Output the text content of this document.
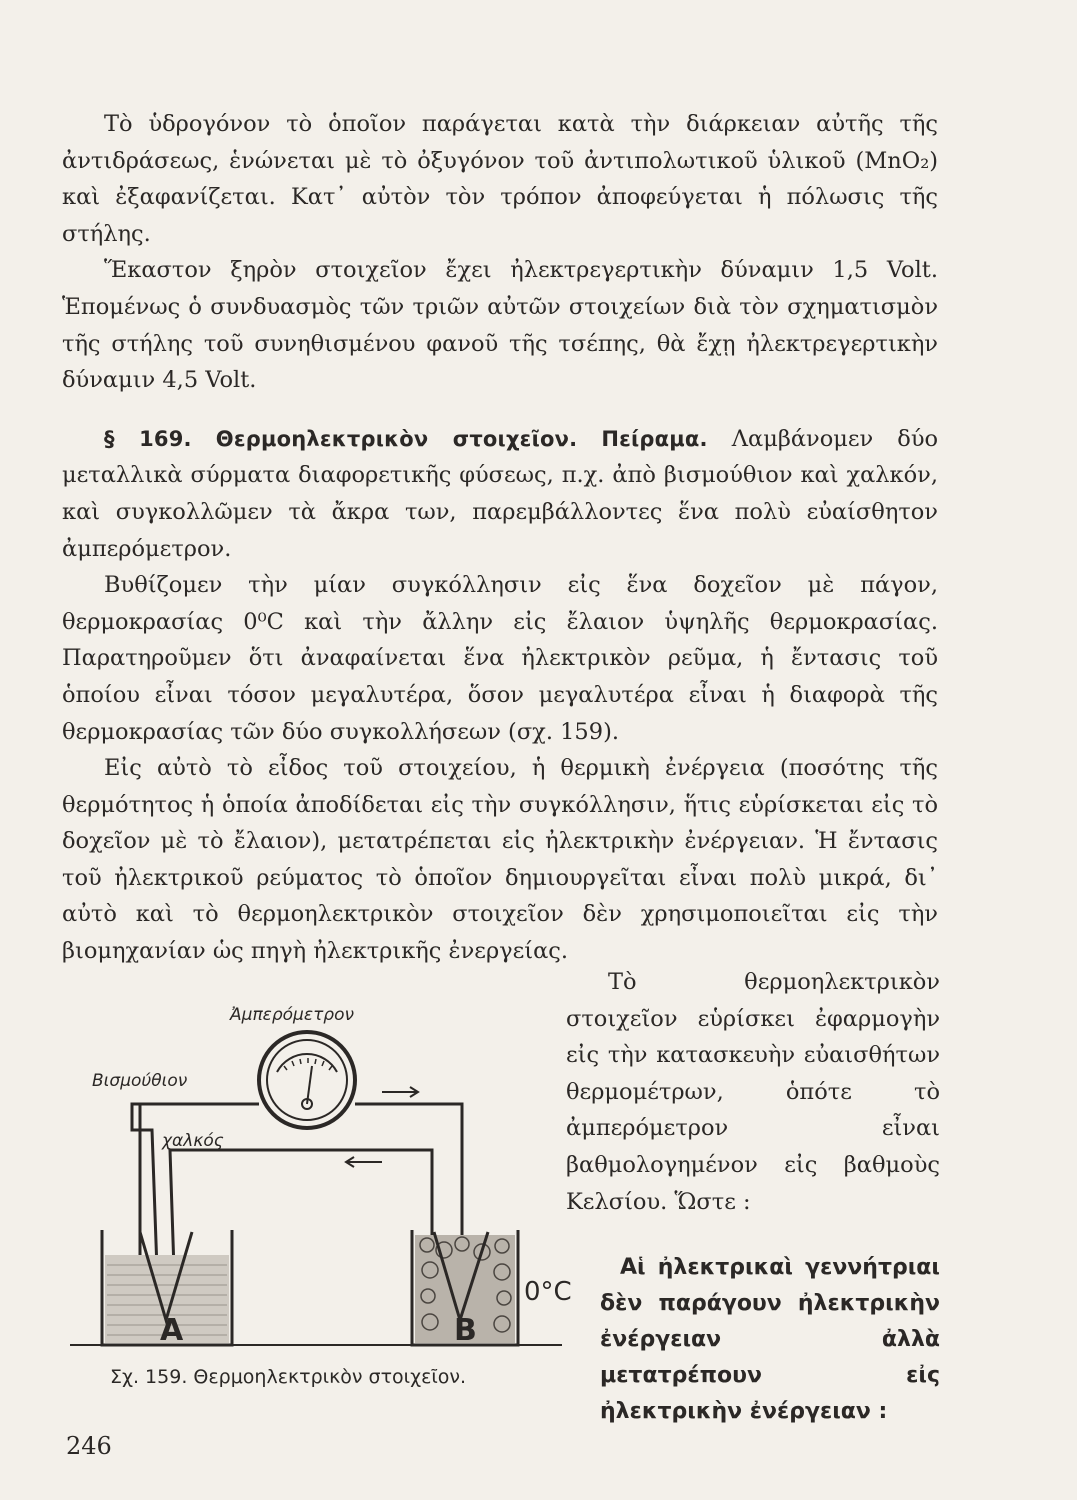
Τὸ ὑδρογόνον τὸ ὁποῖον παράγεται κατὰ τὴν διάρκειαν αὐτῆς τῆς ἀντιδράσεως, ἑνώνεται μὲ τὸ ὀξυγόνον τοῦ ἀντιπολωτικοῦ ὑλικοῦ (MnO₂) καὶ ἐξαφανίζεται. Κατ᾽ αὐτὸν τὸν τρόπον ἀποφεύγεται ἡ πόλωσις τῆς στήλης.

Ἕκαστον ξηρὸν στοιχεῖον ἔχει ἠλεκτρεγερτικὴν δύναμιν 1,5 Volt. Ἑπομένως ὁ συνδυασμὸς τῶν τριῶν αὐτῶν στοιχείων διὰ τὸν σχηματισμὸν τῆς στήλης τοῦ συνηθισμένου φανοῦ τῆς τσέπης, θὰ ἔχῃ ἠλεκτρεγερτικὴν δύναμιν 4,5 Volt.

§ 169. Θερμοηλεκτρικὸν στοιχεῖον. Πείραμα. Λαμβάνομεν δύο μεταλλικὰ σύρματα διαφορετικῆς φύσεως, π.χ. ἀπὸ βισμούθιον καὶ χαλκόν, καὶ συγκολλῶμεν τὰ ἄκρα των, παρεμβάλλοντες ἕνα πολὺ εὐαίσθητον ἀμπερόμετρον.

Βυθίζομεν τὴν μίαν συγκόλλησιν εἰς ἕνα δοχεῖον μὲ πάγον, θερμοκρασίας 0⁰C καὶ τὴν ἄλλην εἰς ἔλαιον ὑψηλῆς θερμοκρασίας. Παρατηροῦμεν ὅτι ἀναφαίνεται ἕνα ἠλεκτρικὸν ρεῦμα, ἡ ἔντασις τοῦ ὁποίου εἶναι τόσον μεγαλυτέρα, ὅσον μεγαλυτέρα εἶναι ἡ διαφορὰ τῆς θερμοκρασίας τῶν δύο συγκολλήσεων (σχ. 159).

Εἰς αὐτὸ τὸ εἶδος τοῦ στοιχείου, ἡ θερμικὴ ἐνέργεια (ποσότης τῆς θερμότητος ἡ ὁποία ἀποδίδεται εἰς τὴν συγκόλλησιν, ἥτις εὑρίσκεται εἰς τὸ δοχεῖον μὲ τὸ ἔλαιον), μετατρέπεται εἰς ἠλεκτρικὴν ἐνέργειαν. Ἡ ἔντασις τοῦ ἠλεκτρικοῦ ρεύματος τὸ ὁποῖον δημιουργεῖται εἶναι πολὺ μικρά, δι᾽ αὐτὸ καὶ τὸ θερμοηλεκτρικὸν στοιχεῖον δὲν χρησιμοποιεῖται εἰς τὴν βιομηχανίαν ὡς πηγὴ ἠλεκτρικῆς ἐνεργείας.

Τὸ θερμοηλεκτρικὸν στοιχεῖον εὑρίσκει ἐφαρμογὴν εἰς τὴν κατασκευὴν εὐαισθήτων θερμομέτρων, ὁπότε τὸ ἀμπερόμετρον εἶναι βαθμολογημένον εἰς βαθμοὺς Κελσίου. Ὥστε :

Αἱ ἠλεκτρικαὶ γεννήτριαι δὲν παράγουν ἠλεκτρικὴν ἐνέργειαν ἀλλὰ μετατρέπουν εἰς ἠλεκτρικὴν ἐνέργειαν :

Ἀμπερόμετρον
Βισμούθιον
χαλκός
A	B
0°C
Σχ. 159. Θερμοηλεκτρικὸν στοιχεῖον.
246
